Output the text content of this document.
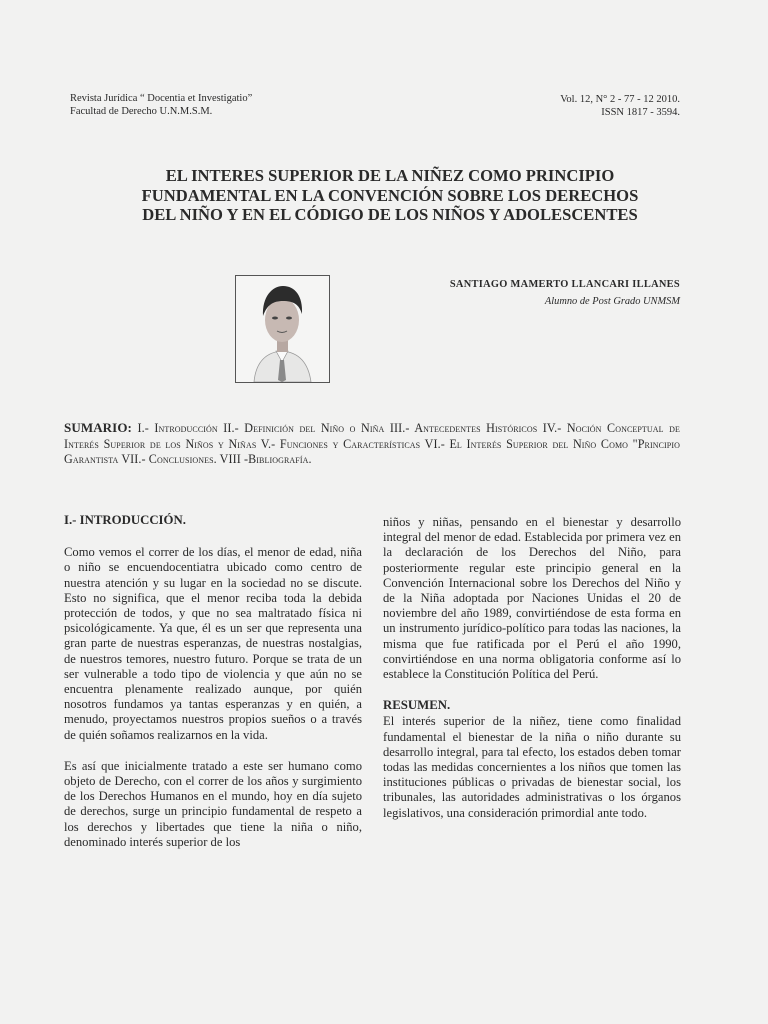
Revista Jurídica “ Docentia et Investigatio”
Facultad de Derecho U.N.M.S.M.
Vol. 12, N° 2 - 77 - 12 2010.
ISSN 1817 - 3594.
EL INTERES SUPERIOR DE LA NIÑEZ COMO PRINCIPIO
FUNDAMENTAL EN LA CONVENCIÓN SOBRE LOS DERECHOS
DEL NIÑO Y EN EL CÓDIGO DE LOS NIÑOS Y ADOLESCENTES
SANTIAGO MAMERTO LLANCARI ILLANES
Alumno de Post Grado UNMSM
SUMARIO: I.- Introducción II.- Definición del Niño o Niña III.- Antecedentes Históricos IV.- Noción Conceptual de Interés Superior de los Niños y Niñas V.- Funciones y Características VI.- El Interés Superior del Niño Como "Principio Garantista VII.- Conclusiones. VIII -Bibliografía.
I.- INTRODUCCIÓN.

Como vemos el correr de los días, el menor de edad, niña o niño se encuendocentiatra ubicado como centro de nuestra atención y su lugar en la sociedad no se discute. Esto no significa, que el menor reciba toda la debida protección de todos, y que no sea maltratado física ni psicológicamente. Ya que, él es un ser que representa una gran parte de nuestras esperanzas, de nuestras nostalgias, de nuestros temores, nuestro futuro. Porque se trata de un ser vulnerable a todo tipo de violencia y que aún no se encuentra plenamente realizado aunque, por quién nosotros fundamos ya tantas esperanzas y en quién, a menudo, proyectamos nuestros propios sueños o a través de quién soñamos realizarnos en la vida.

Es así que inicialmente tratado a este ser humano como objeto de Derecho, con el correr de los años y surgimiento de los Derechos Humanos en el mundo, hoy en día sujeto de derechos, surge un principio fundamental de respeto a los derechos y libertades que tiene la niña o niño, denominado interés superior de los

niños y niñas, pensando en el bienestar y desarrollo integral del menor de edad. Establecida por primera vez en la declaración de los Derechos del Niño, para posteriormente regular este principio general en la Convención Internacional sobre los Derechos del Niño y de la Niña adoptada por Naciones Unidas el 20 de noviembre del año 1989, convirtiéndose de esta forma en un instrumento jurídico-político para todas las naciones, la misma que fue ratificada por el Perú el año 1990, convirtiéndose en una norma obligatoria conforme así lo establece la Constitución Política del Perú.

RESUMEN.

El interés superior de la niñez, tiene como finalidad fundamental el bienestar de la niña o niño durante su desarrollo integral, para tal efecto, los estados deben tomar todas las medidas concernientes a los niños que tomen las instituciones públicas o privadas de bienestar social, los tribunales, las autoridades administrativas o los órganos legislativos, una consideración primordial ante todo.
